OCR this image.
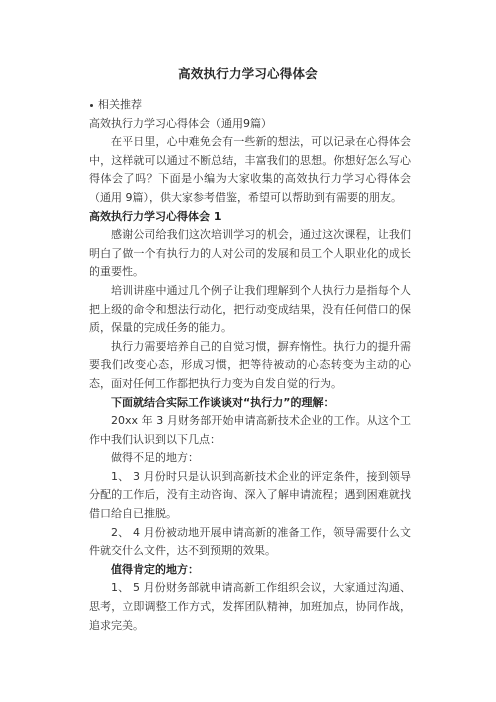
高效执行力学习心得体会

相关推荐

高效执行力学习心得体会（通用9篇）

在平日里，心中难免会有一些新的想法，可以记录在心得体会中，这样就可以通过不断总结，丰富我们的思想。你想好怎么写心得体会了吗？下面是小编为大家收集的高效执行力学习心得体会（通用 9篇），供大家参考借鉴，希望可以帮助到有需要的朋友。

高效执行力学习心得体会 1

感谢公司给我们这次培训学习的机会，通过这次课程，让我们明白了做一个有执行力的人对公司的发展和员工个人职业化的成长的重要性。

培训讲座中通过几个例子让我们理解到个人执行力是指每个人把上级的命令和想法行动化，把行动变成结果，没有任何借口的保质，保量的完成任务的能力。

执行力需要培养自己的自觉习惯，摒弃惰性。执行力的提升需要我们改变心态，形成习惯，把等待被动的心态转变为主动的心态，面对任何工作都把执行力变为自发自觉的行为。

下面就结合实际工作谈谈对“执行力”的理解：

20xx 年 3 月财务部开始申请高新技术企业的工作。从这个工作中我们认识到以下几点：

做得不足的地方：

1、 3 月份时只是认识到高新技术企业的评定条件，接到领导分配的工作后，没有主动咨询、深入了解申请流程；遇到困难就找借口给自已推脱。

2、 4 月份被动地开展申请高新的准备工作，领导需要什么文件就交什么文件，达不到预期的效果。

值得肯定的地方：

1、 5 月份财务部就申请高新工作组织会议，大家通过沟通、思考，立即调整工作方式，发挥团队精神，加班加点，协同作战，追求完美。
